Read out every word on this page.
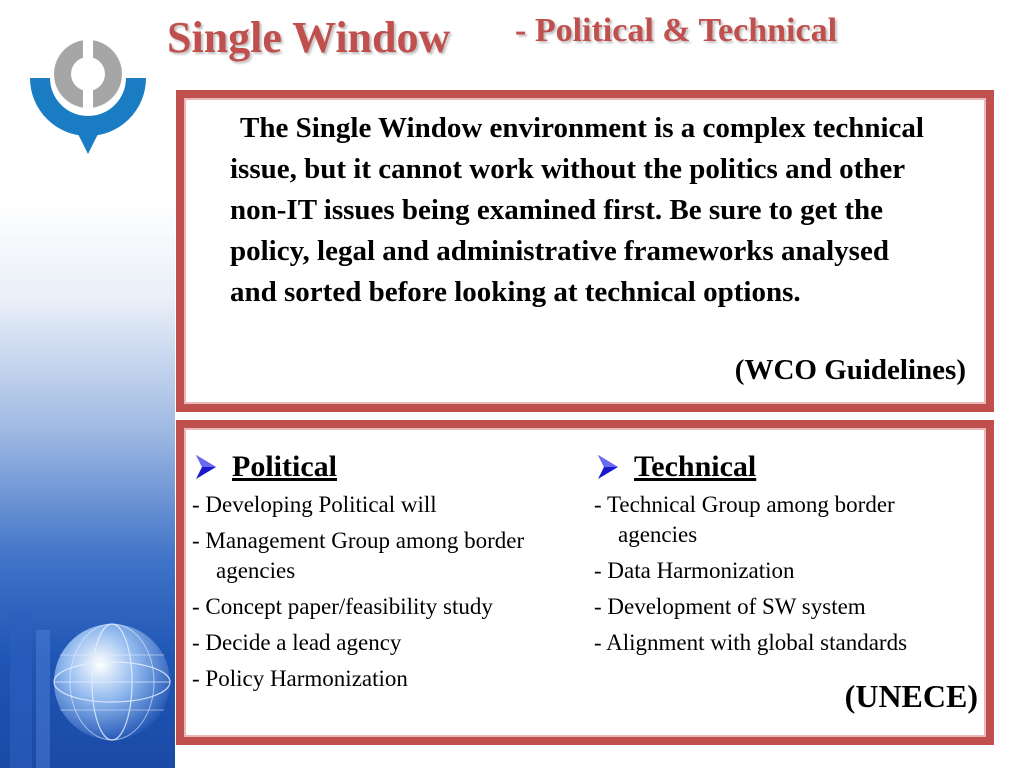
Single Window - Political & Technical

The Single Window environment is a complex technical issue, but it cannot work without the politics and other non-IT issues being examined first. Be sure to get the policy, legal and administrative frameworks analysed and sorted before looking at technical options.

(WCO Guidelines)
Political
- Developing Political will
- Management Group among border agencies
- Concept paper/feasibility study
- Decide a lead agency
- Policy Harmonization
Technical
- Technical Group among border agencies
- Data Harmonization
- Development of SW system
- Alignment with global standards
(UNECE)
